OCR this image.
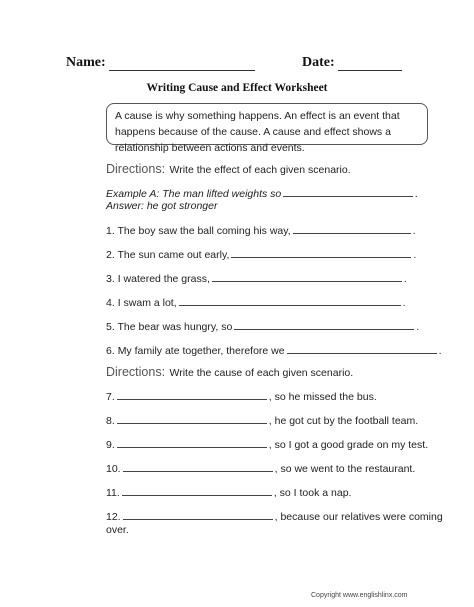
Name:	Date:
Writing Cause and Effect Worksheet
A cause is why something happens. An effect is an event that happens because of the cause. A cause and effect shows a relationship between actions and events.
Directions: Write the effect of each given scenario.
Example A: The man lifted weights so	.
Answer: he got stronger
1. The boy saw the ball coming his way,	.
2. The sun came out early,	.
3. I watered the grass,	.
4. I swam a lot,	.
5. The bear was hungry, so	.
6. My family ate together, therefore we	.
Directions: Write the cause of each given scenario.
7.	, so he missed the bus.
8.	, he got cut by the football team.
9.	, so I got a good grade on my test.
10.	, so we went to the restaurant.
11.	, so I took a nap.
12.	, because our relatives were coming
over.
Copyright www.englishlinx.com
